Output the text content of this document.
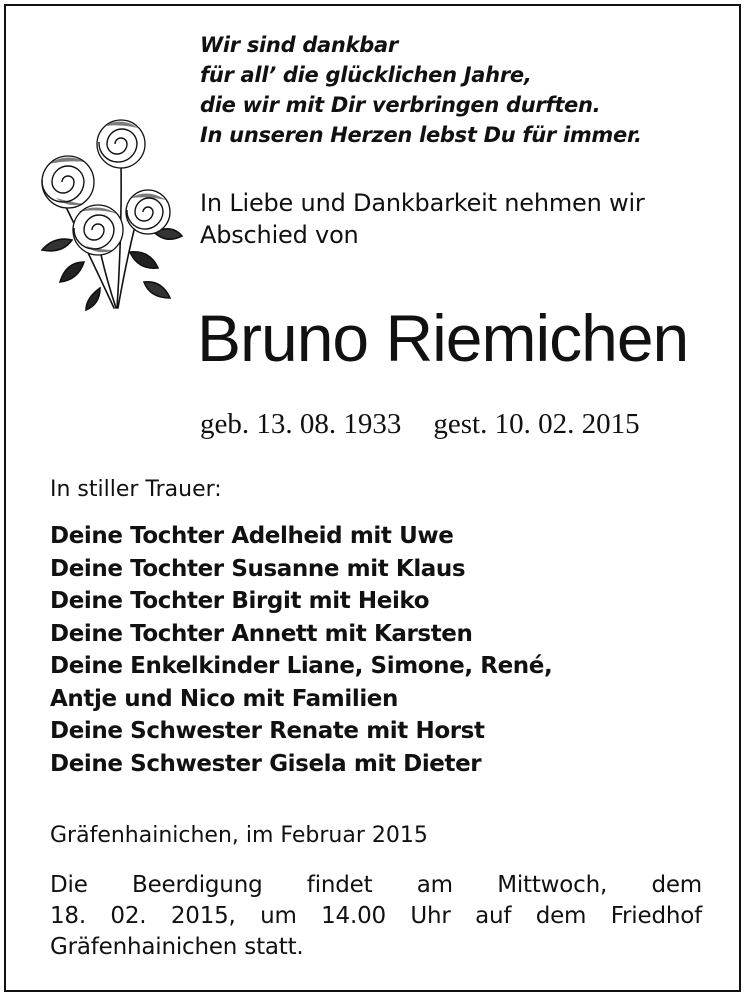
Wir sind dankbar
für all’ die glücklichen Jahre,
die wir mit Dir verbringen durften.
In unseren Herzen lebst Du für immer.
In Liebe und Dankbarkeit nehmen wir
Abschied von
Bruno Riemichen
geb. 13. 08. 1933 gest. 10. 02. 2015
In stiller Trauer:
Deine Tochter Adelheid mit Uwe
Deine Tochter Susanne mit Klaus
Deine Tochter Birgit mit Heiko
Deine Tochter Annett mit Karsten
Deine Enkelkinder Liane, Simone, René,
Antje und Nico mit Familien
Deine Schwester Renate mit Horst
Deine Schwester Gisela mit Dieter
Gräfenhainichen, im Februar 2015
Die Beerdigung findet am Mittwoch, dem
18. 02. 2015, um 14.00 Uhr auf dem Friedhof
Gräfenhainichen statt.
